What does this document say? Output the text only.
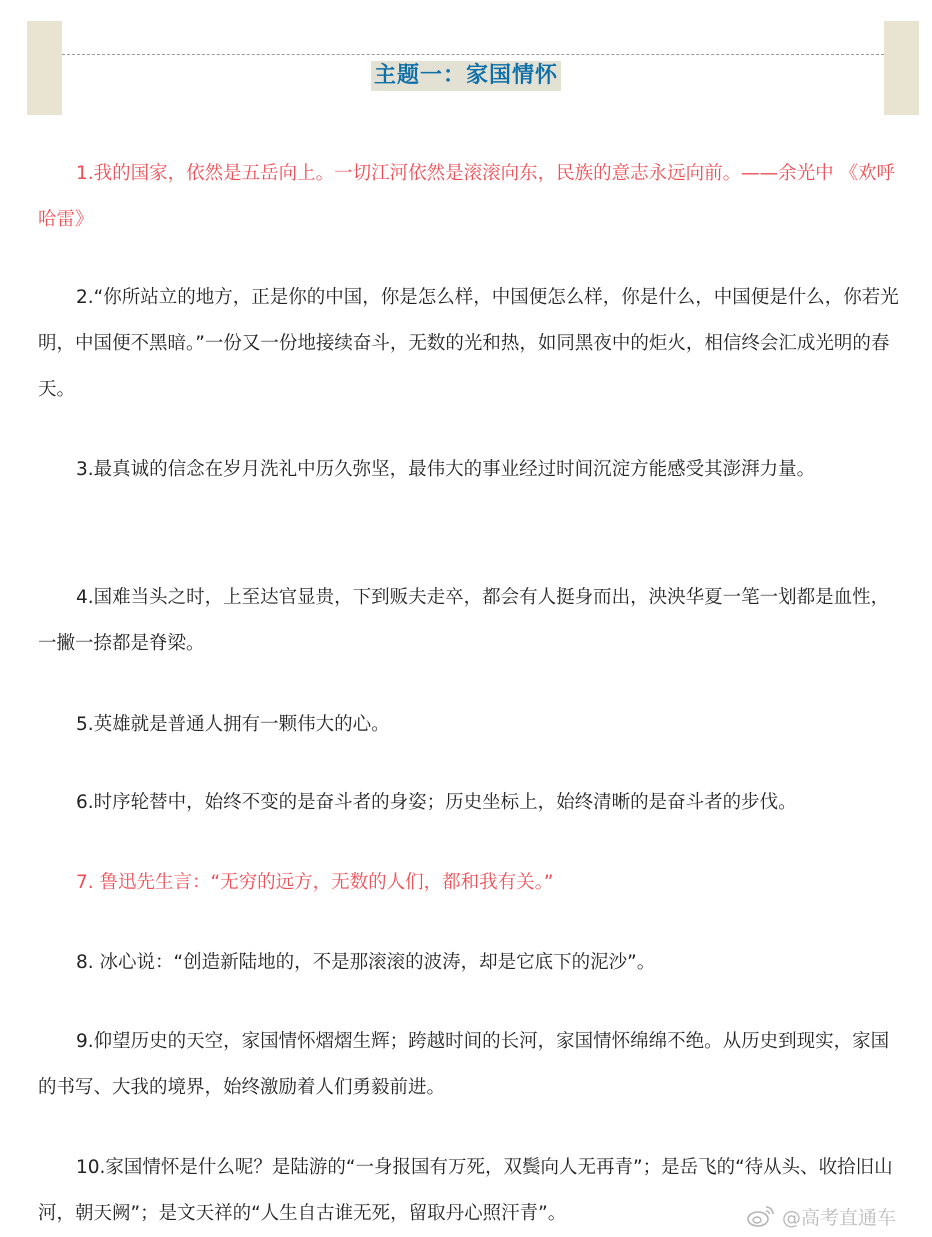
主题一：家国情怀

1.我的国家，依然是五岳向上。一切江河依然是滚滚向东，民族的意志永远向前。——余光中 《欢呼哈雷》

2.“你所站立的地方，正是你的中国，你是怎么样，中国便怎么样，你是什么，中国便是什么，你若光明，中国便不黑暗。”一份又一份地接续奋斗，无数的光和热，如同黑夜中的炬火，相信终会汇成光明的春天。

3.最真诚的信念在岁月洗礼中历久弥坚，最伟大的事业经过时间沉淀方能感受其澎湃力量。

4.国难当头之时，上至达官显贵，下到贩夫走卒，都会有人挺身而出，泱泱华夏一笔一划都是血性，一撇一捺都是脊梁。

5.英雄就是普通人拥有一颗伟大的心。

6.时序轮替中，始终不变的是奋斗者的身姿；历史坐标上，始终清晰的是奋斗者的步伐。

7. 鲁迅先生言：“无穷的远方，无数的人们，都和我有关。”

8. 冰心说：“创造新陆地的，不是那滚滚的波涛，却是它底下的泥沙”。

9.仰望历史的天空，家国情怀熠熠生辉；跨越时间的长河，家国情怀绵绵不绝。从历史到现实，家国的书写、大我的境界，始终激励着人们勇毅前进。

10.家国情怀是什么呢？是陆游的“一身报国有万死，双鬓向人无再青”；是岳飞的“待从头、收拾旧山河，朝天阙”；是文天祥的“人生自古谁无死，留取丹心照汗青”。	@高考直通车
